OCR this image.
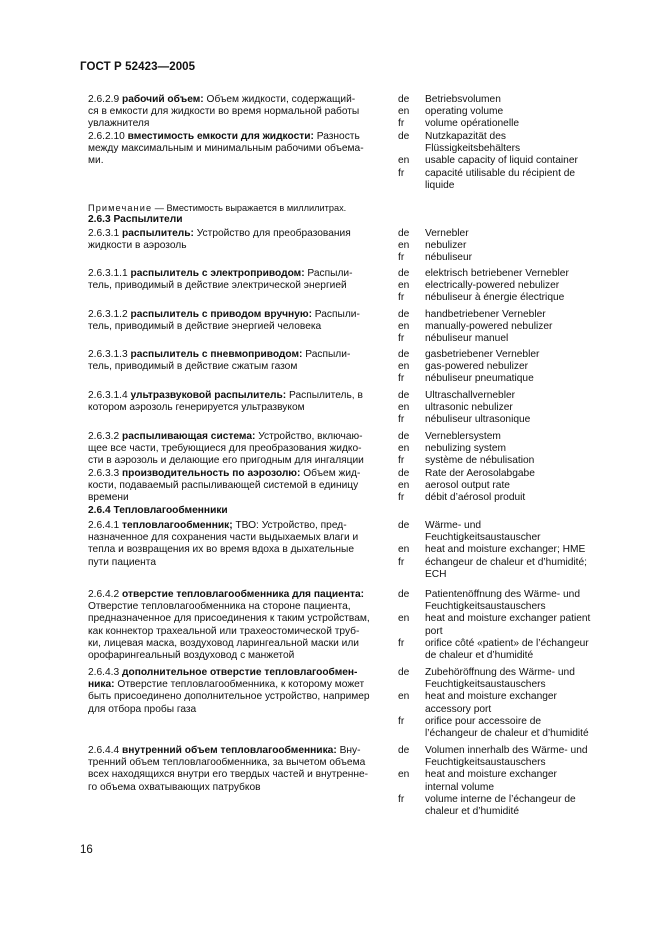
ГОСТ Р 52423—2005
2.6.2.9 рабочий объем: Объем жидкости, содержащий-
ся в емкости для жидкости во время нормальной работы
увлажнителя
de	Betriebsvolumen
en	operating volume
fr	volume opérationelle
2.6.2.10 вместимость емкости для жидкости: Разность
между максимальным и минимальным рабочими объема-
ми.
de	Nutzkapazität des
Flüssigkeitsbehälters
en	usable capacity of liquid container
fr	capacité utilisable du récipient de
liquide
Примечание — Вместимость выражается в миллилитрах.
2.6.3 Распылители
2.6.3.1 распылитель: Устройство для преобразования
жидкости в аэрозоль
de	Vernebler
en	nebulizer
fr	nébuliseur
2.6.3.1.1 распылитель с электроприводом: Распыли-
тель, приводимый в действие электрической энергией
de	elektrisch betriebener Vernebler
en	electrically-powered nebulizer
fr	nébuliseur à énergie électrique
2.6.3.1.2 распылитель с приводом вручную: Распыли-
тель, приводимый в действие энергией человека
de	handbetriebener Vernebler
en	manually-powered nebulizer
fr	nébuliseur manuel
2.6.3.1.3 распылитель с пневмоприводом: Распыли-
тель, приводимый в действие сжатым газом
de	gasbetriebener Vernebler
en	gas-powered nebulizer
fr	nébuliseur pneumatique
2.6.3.1.4 ультразвуковой распылитель: Распылитель, в
котором аэрозоль генерируется ультразвуком
de	Ultraschallvernebler
en	ultrasonic nebulizer
fr	nébuliseur ultrasonique
2.6.3.2 распыливающая система: Устройство, включаю-
щее все части, требующиеся для преобразования жидко-
сти в аэрозоль и делающие его пригодным для ингаляции
de	Verneblersystem
en	nebulizing system
fr	système de nébulisation
2.6.3.3 производительность по аэрозолю: Объем жид-
кости, подаваемый распыливающей системой в единицу
времени
de	Rate der Aerosolabgabe
en	aerosol output rate
fr	débit d’aérosol produit
2.6.4 Тепловлагообменники
2.6.4.1 тепловлагообменник; ТВО: Устройство, пред-
назначенное для сохранения части выдыхаемых влаги и
тепла и возвращения их во время вдоха в дыхательные
пути пациента
de	Wärme- und
Feuchtigkeitsaustauscher
en	heat and moisture exchanger; HME
fr	échangeur de chaleur et d’humidité;
ECH
2.6.4.2 отверстие тепловлагообменника для пациента:
Отверстие тепловлагообменника на стороне пациента,
предназначенное для присоединения к таким устройствам,
как коннектор трахеальной или трахеостомической труб-
ки, лицевая маска, воздуховод ларингеальной маски или
орофарингеальный воздуховод с манжетой
de	Patientenöffnung des Wärme- und
Feuchtigkeitsaustauschers
en	heat and moisture exchanger patient
port
fr	orifice côté «patient» de l’échangeur
de chaleur et d’humidité
2.6.4.3 дополнительное отверстие тепловлагообмен-
ника: Отверстие тепловлагообменника, к которому может
быть присоединено дополнительное устройство, например
для отбора пробы газа
de	Zubehöröffnung des Wärme- und
Feuchtigkeitsaustauschers
en	heat and moisture exchanger
accessory port
fr	orifice pour accessoire de
l’échangeur de chaleur et d’humidité
2.6.4.4 внутренний объем тепловлагообменника: Вну-
тренний объем тепловлагообменника, за вычетом объема
всех находящихся внутри его твердых частей и внутренне-
го объема охватывающих патрубков
de	Volumen innerhalb des Wärme- und
Feuchtigkeitsaustauschers
en	heat and moisture exchanger
internal volume
fr	volume interne de l’échangeur de
chaleur et d’humidité
16
